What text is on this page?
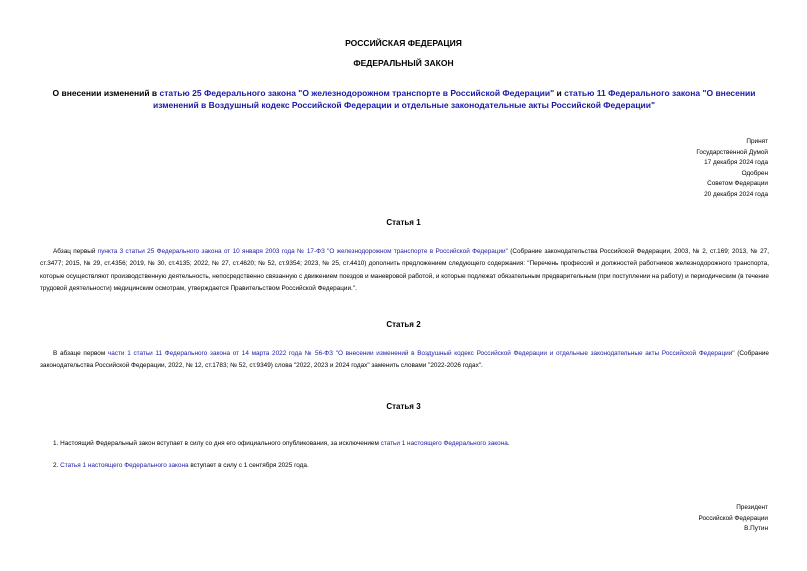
РОССИЙСКАЯ ФЕДЕРАЦИЯ
ФЕДЕРАЛЬНЫЙ ЗАКОН
О внесении изменений в статью 25 Федерального закона "О железнодорожном транспорте в Российской Федерации" и статью 11 Федерального закона "О внесении изменений в Воздушный кодекс Российской Федерации и отдельные законодательные акты Российской Федерации"
Принят
Государственной Думой
17 декабря 2024 года
Одобрен
Советом Федерации
20 декабря 2024 года
Статья 1
Абзац первый пункта 3 статьи 25 Федерального закона от 10 января 2003 года № 17-ФЗ "О железнодорожном транспорте в Российской Федерации" (Собрание законодательства Российской Федерации, 2003, № 2, ст.169; 2013, № 27, ст.3477; 2015, № 29, ст.4356; 2019, № 30, ст.4135; 2022, № 27, ст.4620; № 52, ст.9354; 2023, № 25, ст.4410) дополнить предложением следующего содержания: "Перечень профессий и должностей работников железнодорожного транспорта, которые осуществляют производственную деятельность, непосредственно связанную с движением поездов и маневровой работой, и которые подлежат обязательным предварительным (при поступлении на работу) и периодическим (в течение трудовой деятельности) медицинским осмотрам, утверждается Правительством Российской Федерации.".
Статья 2
В абзаце первом части 1 статьи 11 Федерального закона от 14 марта 2022 года № 56-ФЗ "О внесении изменений в Воздушный кодекс Российской Федерации и отдельные законодательные акты Российской Федерации" (Собрание законодательства Российской Федерации, 2022, № 12, ст.1783; № 52, ст.9349) слова "2022, 2023 и 2024 годах" заменить словами "2022-2026 годах".
Статья 3
1. Настоящий Федеральный закон вступает в силу со дня его официального опубликования, за исключением статьи 1 настоящего Федерального закона.
2. Статья 1 настоящего Федерального закона вступает в силу с 1 сентября 2025 года.
Президент
Российской Федерации
В.Путин
